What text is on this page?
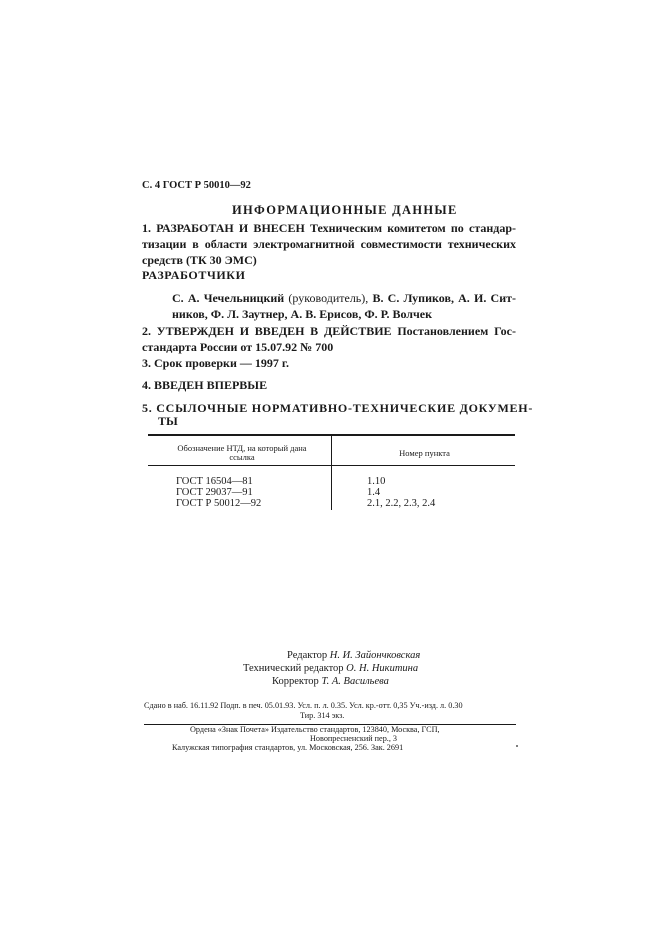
С. 4 ГОСТ Р 50010—92
ИНФОРМАЦИОННЫЕ ДАННЫЕ
1. РАЗРАБОТАН И ВНЕСЕН Техническим комитетом по стандар-тизации в области электромагнитной совместимости технических средств (ТК 30 ЭМС)
РАЗРАБОТЧИКИ
С. А. Чечельницкий (руководитель), В. С. Лупиков, А. И. Сит-ников, Ф. Л. Заутнер, А. В. Ерисов, Ф. Р. Волчек
2. УТВЕРЖДЕН И ВВЕДЕН В ДЕЙСТВИЕ Постановлением Гос-стандарта России от 15.07.92 № 700
3. Срок проверки — 1997 г.
4. ВВЕДЕН ВПЕРВЫЕ
5. ССЫЛОЧНЫЕ НОРМАТИВНО-ТЕХНИЧЕСКИЕ ДОКУМЕН-
ТЫ
Обозначение НТД, на который дана
ссылка	Номер пункта
ГОСТ 16504—81	1.10
ГОСТ 29037—91	1.4
ГОСТ Р 50012—92	2.1, 2.2, 2.3, 2.4
Редактор Н. И. Зайончковская
Технический редактор О. Н. Никитина
Корректор Т. А. Васильева
Сдано в наб. 16.11.92 Подп. в печ. 05.01.93. Усл. п. л. 0.35. Усл. кр.-отт. 0,35 Уч.-изд. л. 0.30
Тир. 314 экз.
Ордена «Знак Почета» Издательство стандартов, 123840, Москва, ГСП,
Новопресненский пер., 3
Калужская типография стандартов, ул. Московская, 256. Зак. 2691
